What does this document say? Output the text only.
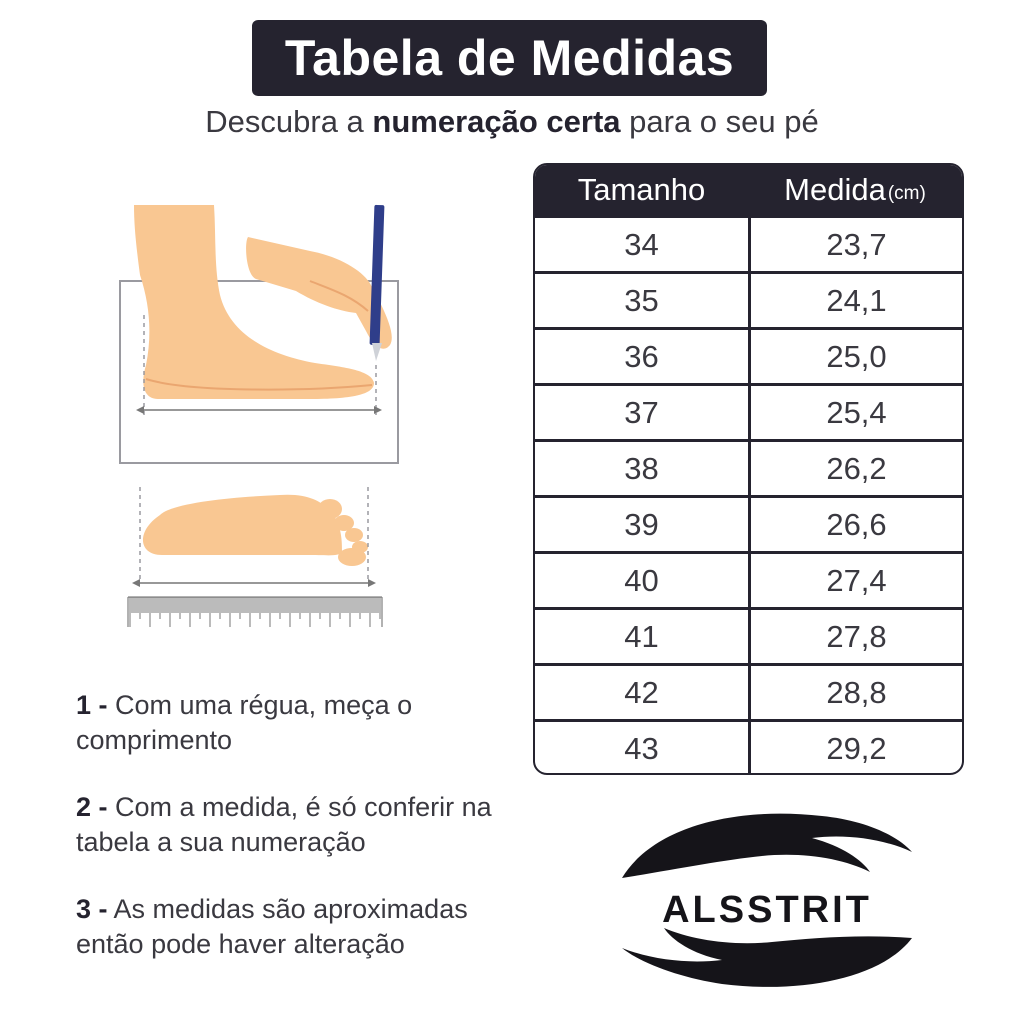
Tabela de Medidas
Descubra a numeração certa para o seu pé
Tamanho	Medida (cm)
34	23,7
35	24,1
36	25,0
37	25,4
38	26,2
39	26,6
40	27,4
41	27,8
42	28,8
43	29,2
1 - Com uma régua, meça o comprimento
2 - Com a medida, é só conferir na tabela a sua numeração
3 - As medidas são aproximadas então pode haver alteração
ALSSTRIT
